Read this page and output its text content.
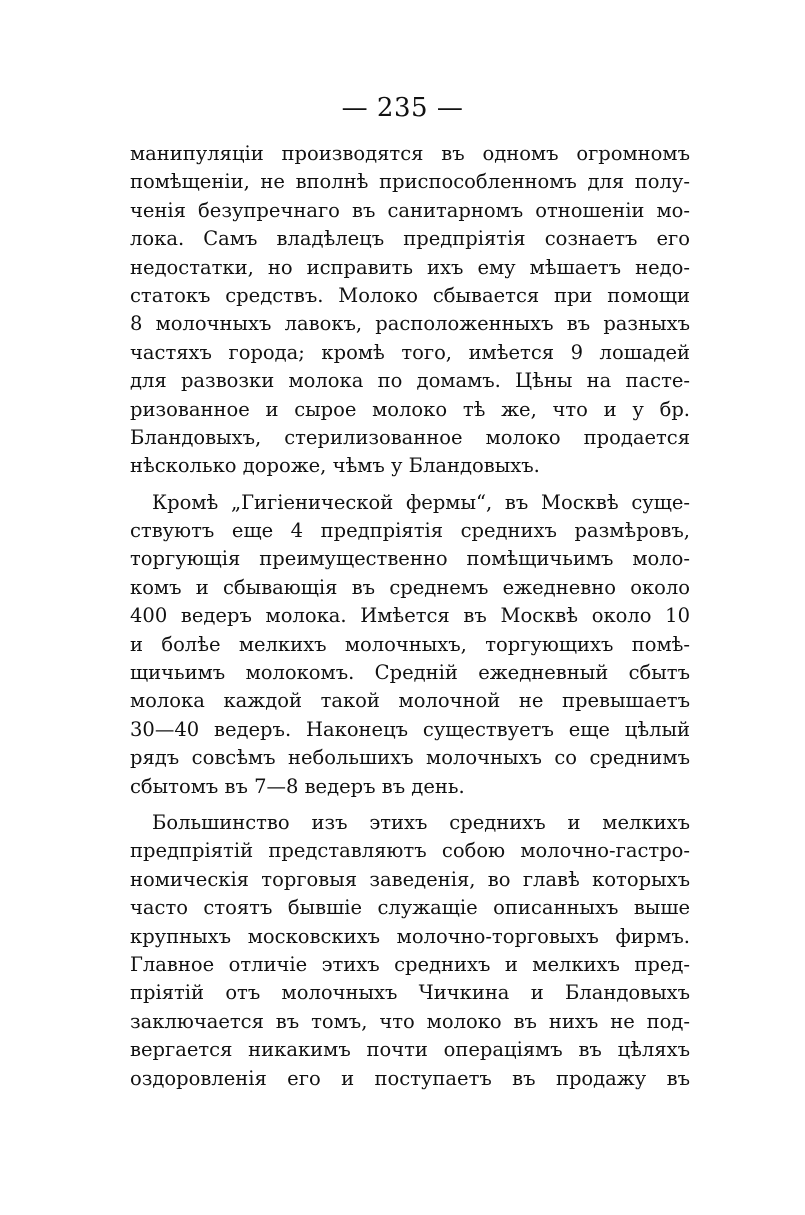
— 235 —
манипуляціи производятся въ одномъ огромномъ
помѣщеніи, не вполнѣ приспособленномъ для полу-
ченія безупречнаго въ санитарномъ отношеніи мо-
лока. Самъ владѣлецъ предпріятія сознаетъ его
недостатки, но исправить ихъ ему мѣшаетъ недо-
статокъ средствъ. Молоко сбывается при помощи
8 молочныхъ лавокъ, расположенныхъ въ разныхъ
частяхъ города; кромѣ того, имѣется 9 лошадей
для развозки молока по домамъ. Цѣны на пасте-
ризованное и сырое молоко тѣ же, что и у бр.
Бландовыхъ, стерилизованное молоко продается
нѣсколько дороже, чѣмъ у Бландовыхъ.
Кромѣ „Гигіенической фермы“, въ Москвѣ суще-
ствуютъ еще 4 предпріятія среднихъ размѣровъ,
торгующія преимущественно помѣщичьимъ моло-
комъ и сбывающія въ среднемъ ежедневно около
400 ведеръ молока. Имѣется въ Москвѣ около 10
и болѣе мелкихъ молочныхъ, торгующихъ помѣ-
щичьимъ молокомъ. Средній ежедневный сбытъ
молока каждой такой молочной не превышаетъ
30—40 ведеръ. Наконецъ существуетъ еще цѣлый
рядъ совсѣмъ небольшихъ молочныхъ со среднимъ
сбытомъ въ 7—8 ведеръ въ день.
Большинство изъ этихъ среднихъ и мелкихъ
предпріятій представляютъ собою молочно-гастро-
номическія торговыя заведенія, во главѣ которыхъ
часто стоятъ бывшіе служащіе описанныхъ выше
крупныхъ московскихъ молочно-торговыхъ фирмъ.
Главное отличіе этихъ среднихъ и мелкихъ пред-
пріятій отъ молочныхъ Чичкина и Бландовыхъ
заключается въ томъ, что молоко въ нихъ не под-
вергается никакимъ почти операціямъ въ цѣляхъ
оздоровленія его и поступаетъ въ продажу въ
